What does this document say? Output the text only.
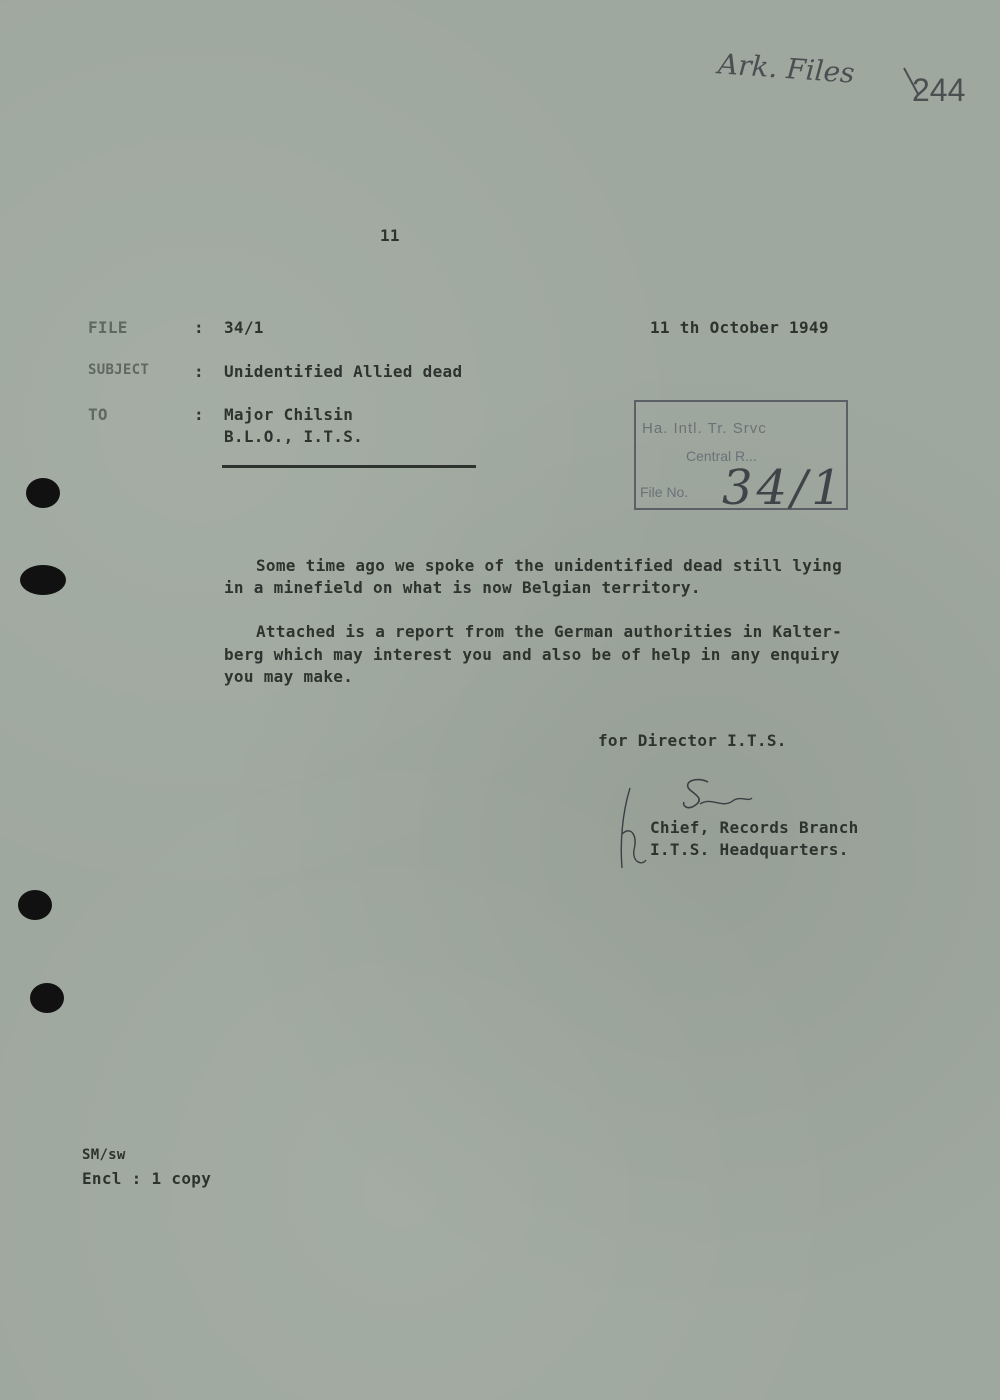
Ark. Files
244
11
FILE	: 34/1	11 th October 1949
SUBJECT	: Unidentified Allied dead
TO	: Major Chilsin
B.L.O., I.T.S.	Ha. Intl. Tr. Srvc
Central R...
File No. 34/1
Some time ago we spoke of the unidentified dead still lying
in a minefield on what is now Belgian territory.
Attached is a report from the German authorities in Kalter-
berg which may interest you and also be of help in any enquiry
you may make.
for Director I.T.S.
Chief, Records Branch
I.T.S. Headquarters.
SM/sw
Encl : 1 copy
